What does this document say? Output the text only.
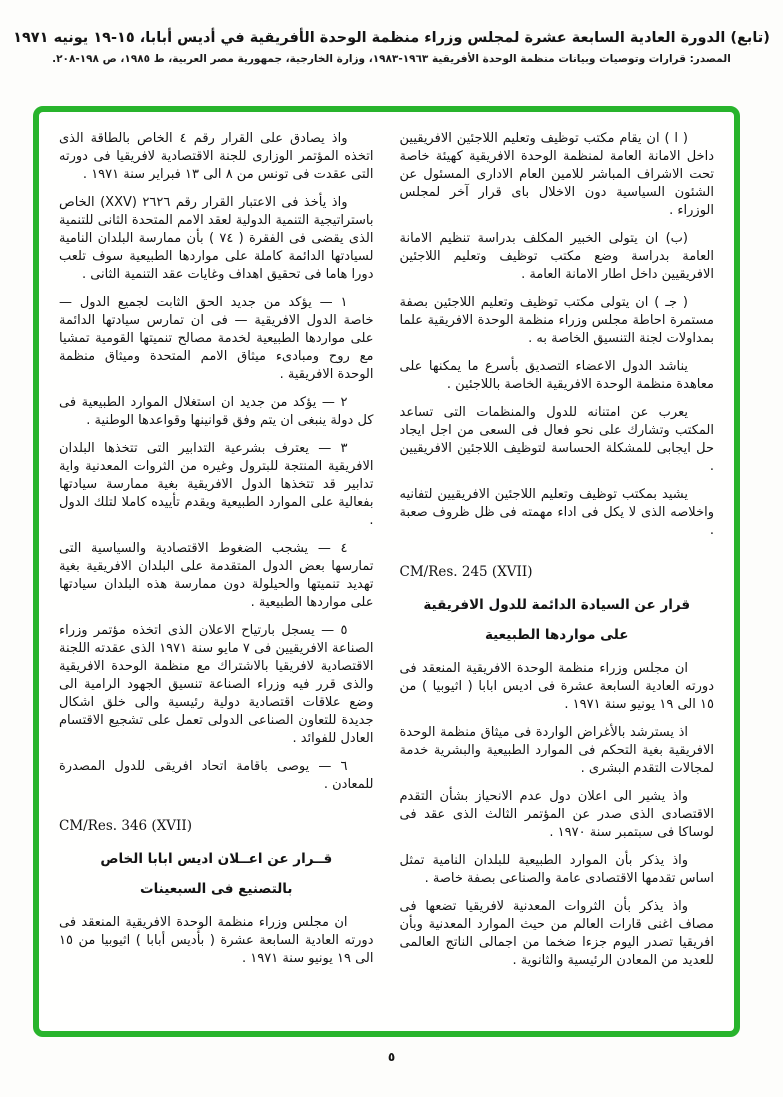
(تابع) الدورة العادية السابعة عشرة لمجلس وزراء منظمة الوحدة الأفريقية في أديس أبابا، ١٥-١٩ يونيه ١٩٧١
المصدر: قرارات وتوصيات وبيانات منظمة الوحدة الأفريقية ١٩٦٣-١٩٨٣، وزارة الخارجية، جمهورية مصر العربية، ط ١٩٨٥، ص ١٩٨-٢٠٨.

( ا ) ان يقام مكتب توظيف وتعليم اللاجئين الافريقيين داخل الامانة العامة لمنظمة الوحدة الافريقية كهيئة خاصة تحت الاشراف المباشر للامين العام الادارى المسئول عن الشئون السياسية دون الاخلال باى قرار آخر لمجلس الوزراء .

(ب) ان يتولى الخبير المكلف بدراسة تنظيم الامانة العامة بدراسة وضع مكتب توظيف وتعليم اللاجئين الافريقيين داخل اطار الامانة العامة .

( جـ ) ان يتولى مكتب توظيف وتعليم اللاجئين بصفة مستمرة احاطة مجلس وزراء منظمة الوحدة الافريقية علما بمداولات لجنة التنسيق الخاصة به .

يناشد الدول الاعضاء التصديق بأسرع ما يمكنها على معاهدة منظمة الوحدة الافريقية الخاصة باللاجئين .

يعرب عن امتنانه للدول والمنظمات التى تساعد المكتب وتشارك على نحو فعال فى السعى من اجل ايجاد حل ايجابى للمشكلة الحساسة لتوظيف اللاجئين الافريقيين .

يشيد بمكتب توظيف وتعليم اللاجئين الافريقيين لتفانيه واخلاصه الذى لا يكل فى اداء مهمته فى ظل ظروف صعبة .

CM/Res. 245 (XVII)
قرار عن السيادة الدائمة للدول الافريقية
على مواردها الطبيعية

ان مجلس وزراء منظمة الوحدة الافريقية المنعقد فى دورته العادية السابعة عشرة فى اديس ابابا ( اثيوبيا ) من ١٥ الى ١٩ يونيو سنة ١٩٧١ .

اذ يسترشد بالأغراض الواردة فى ميثاق منظمة الوحدة الافريقية بغية التحكم فى الموارد الطبيعية والبشرية خدمة لمجالات التقدم البشرى .

واذ يشير الى اعلان دول عدم الانحياز بشأن التقدم الاقتصادى الذى صدر عن المؤتمر الثالث الذى عقد فى لوساكا فى سبتمبر سنة ١٩٧٠ .

واذ يذكر بأن الموارد الطبيعية للبلدان النامية تمثل اساس تقدمها الاقتصادى عامة والصناعى بصفة خاصة .

واذ يذكر بأن الثروات المعدنية لافريقيا تضعها فى مصاف اغنى قارات العالم من حيث الموارد المعدنية وبأن افريقيا تصدر اليوم جزءا ضخما من اجمالى الناتج العالمى للعديد من المعادن الرئيسية والثانوية .

واذ يصادق على القرار رقم ٤ الخاص بالطاقة الذى اتخذه المؤتمر الوزارى للجنة الاقتصادية لافريقيا فى دورته التى عقدت فى تونس من ٨ الى ١٣ فبراير سنة ١٩٧١ .

واذ يأخذ فى الاعتبار القرار رقم ٢٦٢٦ (XXV) الخاص باستراتيجية التنمية الدولية لعقد الامم المتحدة الثانى للتنمية الذى يقضى فى الفقرة ( ٧٤ ) بأن ممارسة البلدان النامية لسيادتها الدائمة كاملة على مواردها الطبيعية سوف تلعب دورا هاما فى تحقيق اهداف وغايات عقد التنمية الثانى .

١ — يؤكد من جديد الحق الثابت لجميع الدول — خاصة الدول الافريقية — فى ان تمارس سيادتها الدائمة على مواردها الطبيعية لخدمة مصالح تنميتها القومية تمشيا مع روح ومبادىء ميثاق الامم المتحدة وميثاق منظمة الوحدة الافريقية .

٢ — يؤكد من جديد ان استغلال الموارد الطبيعية فى كل دولة ينبغى ان يتم وفق قوانينها وقواعدها الوطنية .

٣ — يعترف بشرعية التدابير التى تتخذها البلدان الافريقية المنتجة للبترول وغيره من الثروات المعدنية واية تدابير قد تتخذها الدول الافريقية بغية ممارسة سيادتها بفعالية على الموارد الطبيعية ويقدم تأييده كاملا لتلك الدول .

٤ — يشجب الضغوط الاقتصادية والسياسية التى تمارسها بعض الدول المتقدمة على البلدان الافريقية بغية تهديد تنميتها والحيلولة دون ممارسة هذه البلدان سيادتها على مواردها الطبيعية .

٥ — يسجل بارتياح الاعلان الذى اتخذه مؤتمر وزراء الصناعة الافريقيين فى ٧ مايو سنة ١٩٧١ الذى عقدته اللجنة الاقتصادية لافريقيا بالاشتراك مع منظمة الوحدة الافريقية والذى قرر فيه وزراء الصناعة تنسيق الجهود الرامية الى وضع علاقات اقتصادية دولية رئيسية والى خلق اشكال جديدة للتعاون الصناعى الدولى تعمل على تشجيع الاقتسام العادل للفوائد .

٦ — يوصى باقامة اتحاد افريقى للدول المصدرة للمعادن .

CM/Res. 346 (XVII)
قــرار عن اعــلان اديس ابابا الخاص
بالتصنيع فى السبعينات

ان مجلس وزراء منظمة الوحدة الافريقية المنعقد فى دورته العادية السابعة عشرة ( بأديس أبابا ) اثيوبيا من ١٥ الى ١٩ يونيو سنة ١٩٧١ .

٥
